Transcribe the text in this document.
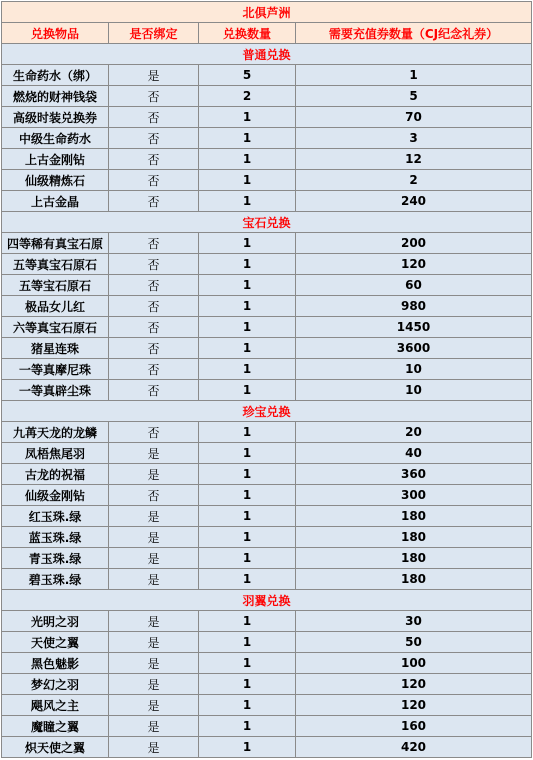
北俱芦洲			
兑换物品	是否绑定	兑换数量	需要充值券数量（CJ纪念礼券）
普通兑换			
生命药水（绑）	是	5	1
燃烧的财神钱袋	否	2	5
高级时装兑换券	否	1	70
中级生命药水	否	1	3
上古金刚钻	否	1	12
仙级精炼石	否	1	2
上古金晶	否	1	240
宝石兑换			
四等稀有真宝石原	否	1	200
五等真宝石原石	否	1	120
五等宝石原石	否	1	60
极品女儿红	否	1	980
六等真宝石原石	否	1	1450
猪星连珠	否	1	3600
一等真摩尼珠	否	1	10
一等真辟尘珠	否	1	10
珍宝兑换			
九苒天龙的龙鳞	否	1	20
凤梧焦尾羽	是	1	40
古龙的祝福	是	1	360
仙级金刚钻	否	1	300
红玉珠.绿	是	1	180
蓝玉珠.绿	是	1	180
青玉珠.绿	是	1	180
碧玉珠.绿	是	1	180
羽翼兑换			
光明之羽	是	1	30
天使之翼	是	1	50
黑色魅影	是	1	100
梦幻之羽	是	1	120
飓风之主	是	1	120
魔瞳之翼	是	1	160
炽天使之翼	是	1	420
